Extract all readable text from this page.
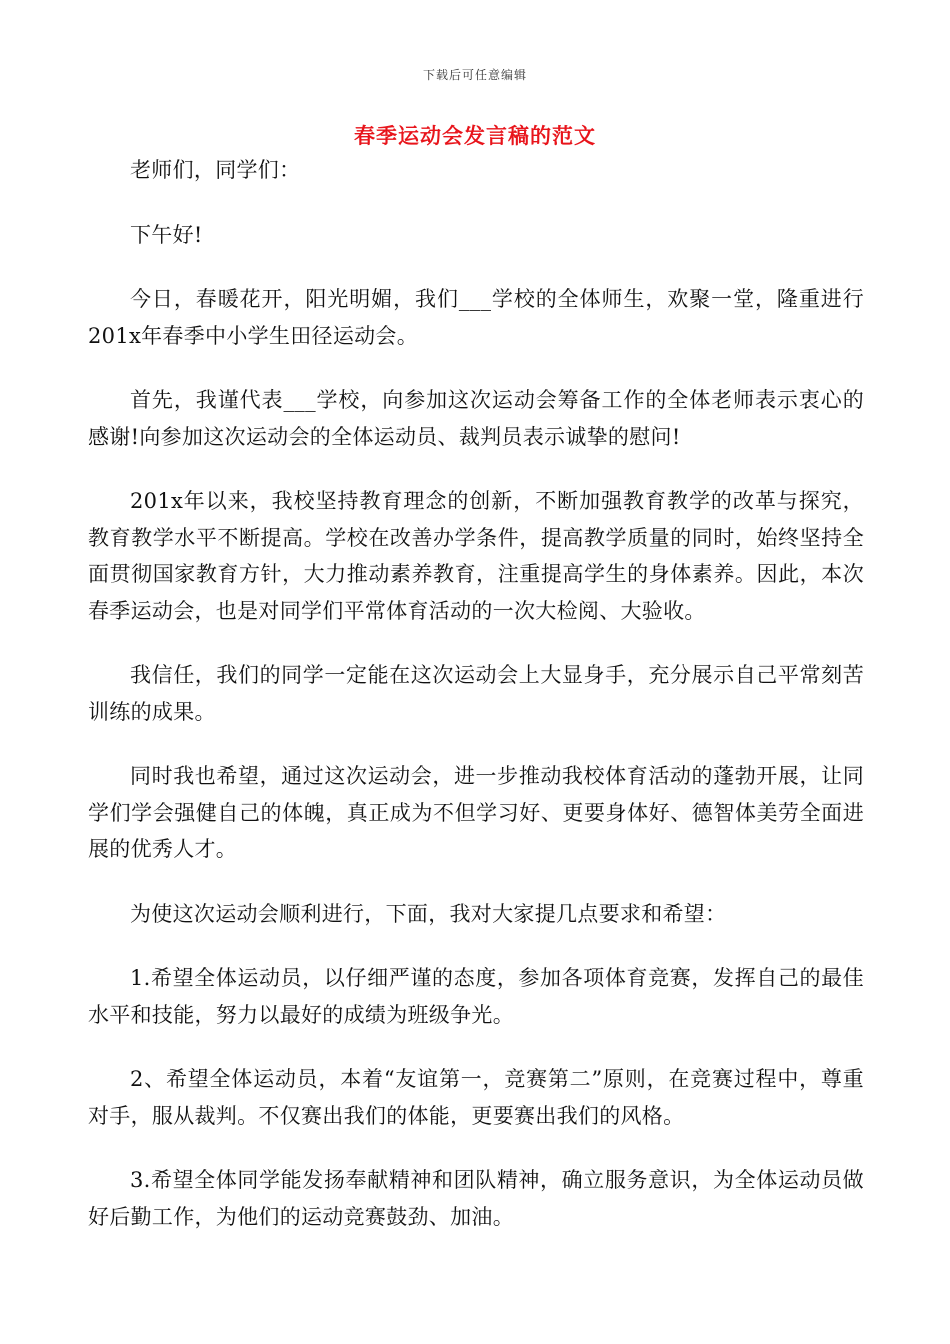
下载后可任意编辑
春季运动会发言稿的范文

老师们，同学们：

下午好!

今日，春暖花开，阳光明媚，我们___学校的全体师生，欢聚一堂，隆重进行201x年春季中小学生田径运动会。

首先，我谨代表___学校，向参加这次运动会筹备工作的全体老师表示衷心的感谢!向参加这次运动会的全体运动员、裁判员表示诚挚的慰问!

201x年以来，我校坚持教育理念的创新，不断加强教育教学的改革与探究，教育教学水平不断提高。学校在改善办学条件，提高教学质量的同时，始终坚持全面贯彻国家教育方针，大力推动素养教育，注重提高学生的身体素养。因此，本次春季运动会，也是对同学们平常体育活动的一次大检阅、大验收。

我信任，我们的同学一定能在这次运动会上大显身手，充分展示自己平常刻苦训练的成果。

同时我也希望，通过这次运动会，进一步推动我校体育活动的蓬勃开展，让同学们学会强健自己的体魄，真正成为不但学习好、更要身体好、德智体美劳全面进展的优秀人才。

为使这次运动会顺利进行，下面，我对大家提几点要求和希望：

1.希望全体运动员，以仔细严谨的态度，参加各项体育竞赛，发挥自己的最佳水平和技能，努力以最好的成绩为班级争光。

2、希望全体运动员，本着“友谊第一，竞赛第二”原则，在竞赛过程中，尊重对手，服从裁判。不仅赛出我们的体能，更要赛出我们的风格。

3.希望全体同学能发扬奉献精神和团队精神，确立服务意识，为全体运动员做好后勤工作，为他们的运动竞赛鼓劲、加油。
